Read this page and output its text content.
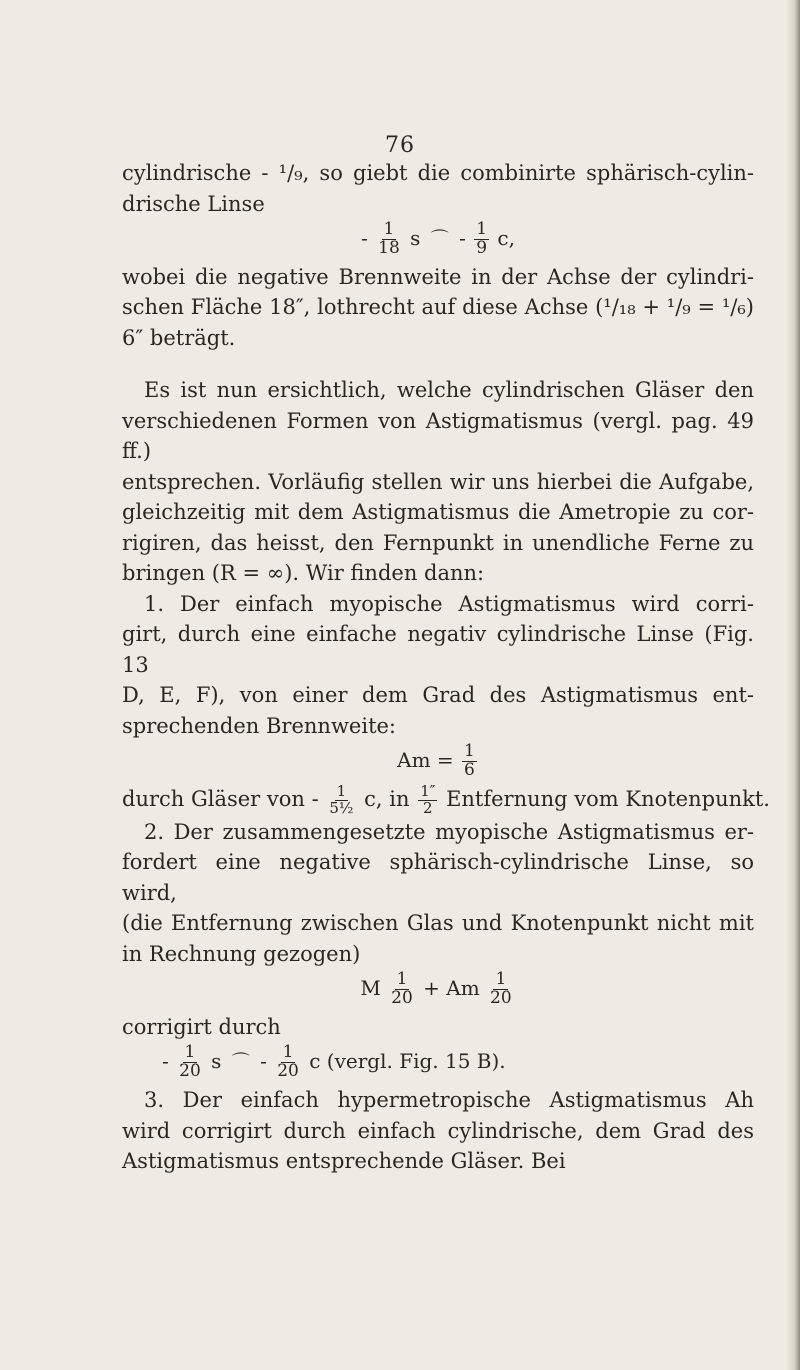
76
cylindrische - ¹/₉, so giebt die combinirte sphärisch-cylin-
drische Linse
- $\frac{1}{18}$ s ⌒ - $\frac{1}{9} c$,
wobei die negative Brennweite in der Achse der cylindri-
schen Fläche 18″, lothrecht auf diese Achse (¹/₁₈ + ¹/₉ = ¹/₆)
6″ beträgt.
Es ist nun ersichtlich, welche cylindrischen Gläser den
verschiedenen Formen von Astigmatismus (vergl. pag. 49 ff.)
entsprechen. Vorläufig stellen wir uns hierbei die Aufgabe,
gleichzeitig mit dem Astigmatismus die Ametropie zu cor-
rigiren, das heisst, den Fernpunkt in unendliche Ferne zu
bringen (R = ∞). Wir finden dann:
1. Der einfach myopische Astigmatismus wird corri-
girt, durch eine einfache negativ cylindrische Linse (Fig. 13
D, E, F), von einer dem Grad des Astigmatismus ent-
sprechenden Brennweite:
$Am = \frac{1}{6}$
durch Gläser von - $\frac{1}{\text{5½}} c$, in $\frac{1''}{2}$ Entfernung vom Knotenpunkt.
2. Der zusammengesetzte myopische Astigmatismus er-
fordert eine negative sphärisch-cylindrische Linse, so wird,
(die Entfernung zwischen Glas und Knotenpunkt nicht mit
in Rechnung gezogen)
M $\frac{1}{20} + Am \frac{1}{20}$
corrigirt durch
- $\frac{1}{20}$ s ⌒ - $\frac{1}{20}$ c (vergl. Fig. 15 B).
3. Der einfach hypermetropische Astigmatismus Ah
wird corrigirt durch einfach cylindrische, dem Grad des
Astigmatismus entsprechende Gläser. Bei
